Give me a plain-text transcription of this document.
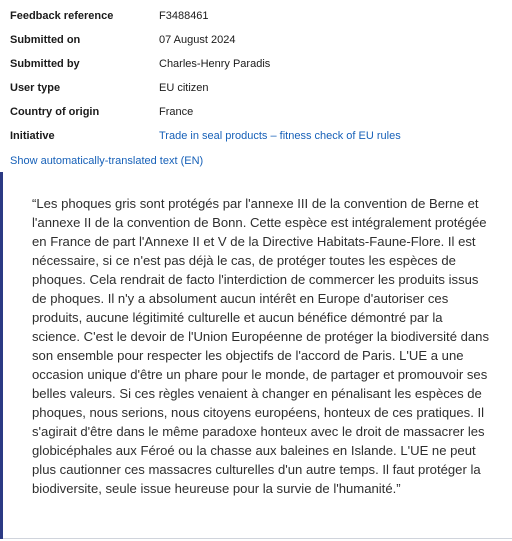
Feedback reference	F3488461
Submitted on	07 August 2024
Submitted by	Charles-Henry Paradis
User type	EU citizen
Country of origin	France
Initiative	Trade in seal products – fitness check of EU rules
Show automatically-translated text (EN)

“Les phoques gris sont protégés par l'annexe III de la convention de Berne et l'annexe II de la convention de Bonn. Cette espèce est intégralement protégée en France de part l'Annexe II et V de la Directive Habitats-Faune-Flore. Il est nécessaire, si ce n'est pas déjà le cas, de protéger toutes les espèces de phoques. Cela rendrait de facto l'interdiction de commercer les produits issus de phoques. Il n'y a absolument aucun intérêt en Europe d'autoriser ces produits, aucune légitimité culturelle et aucun bénéfice démontré par la science. C'est le devoir de l'Union Européenne de protéger la biodiversité dans son ensemble pour respecter les objectifs de l'accord de Paris. L'UE a une occasion unique d'être un phare pour le monde, de partager et promouvoir ses belles valeurs. Si ces règles venaient à changer en pénalisant les espèces de phoques, nous serions, nous citoyens européens, honteux de ces pratiques. Il s'agirait d'être dans le même paradoxe honteux avec le droit de massacrer les globicéphales aux Féroé ou la chasse aux baleines en Islande. L'UE ne peut plus cautionner ces massacres culturelles d'un autre temps. Il faut protéger la biodiversite, seule issue heureuse pour la survie de l'humanité.”
